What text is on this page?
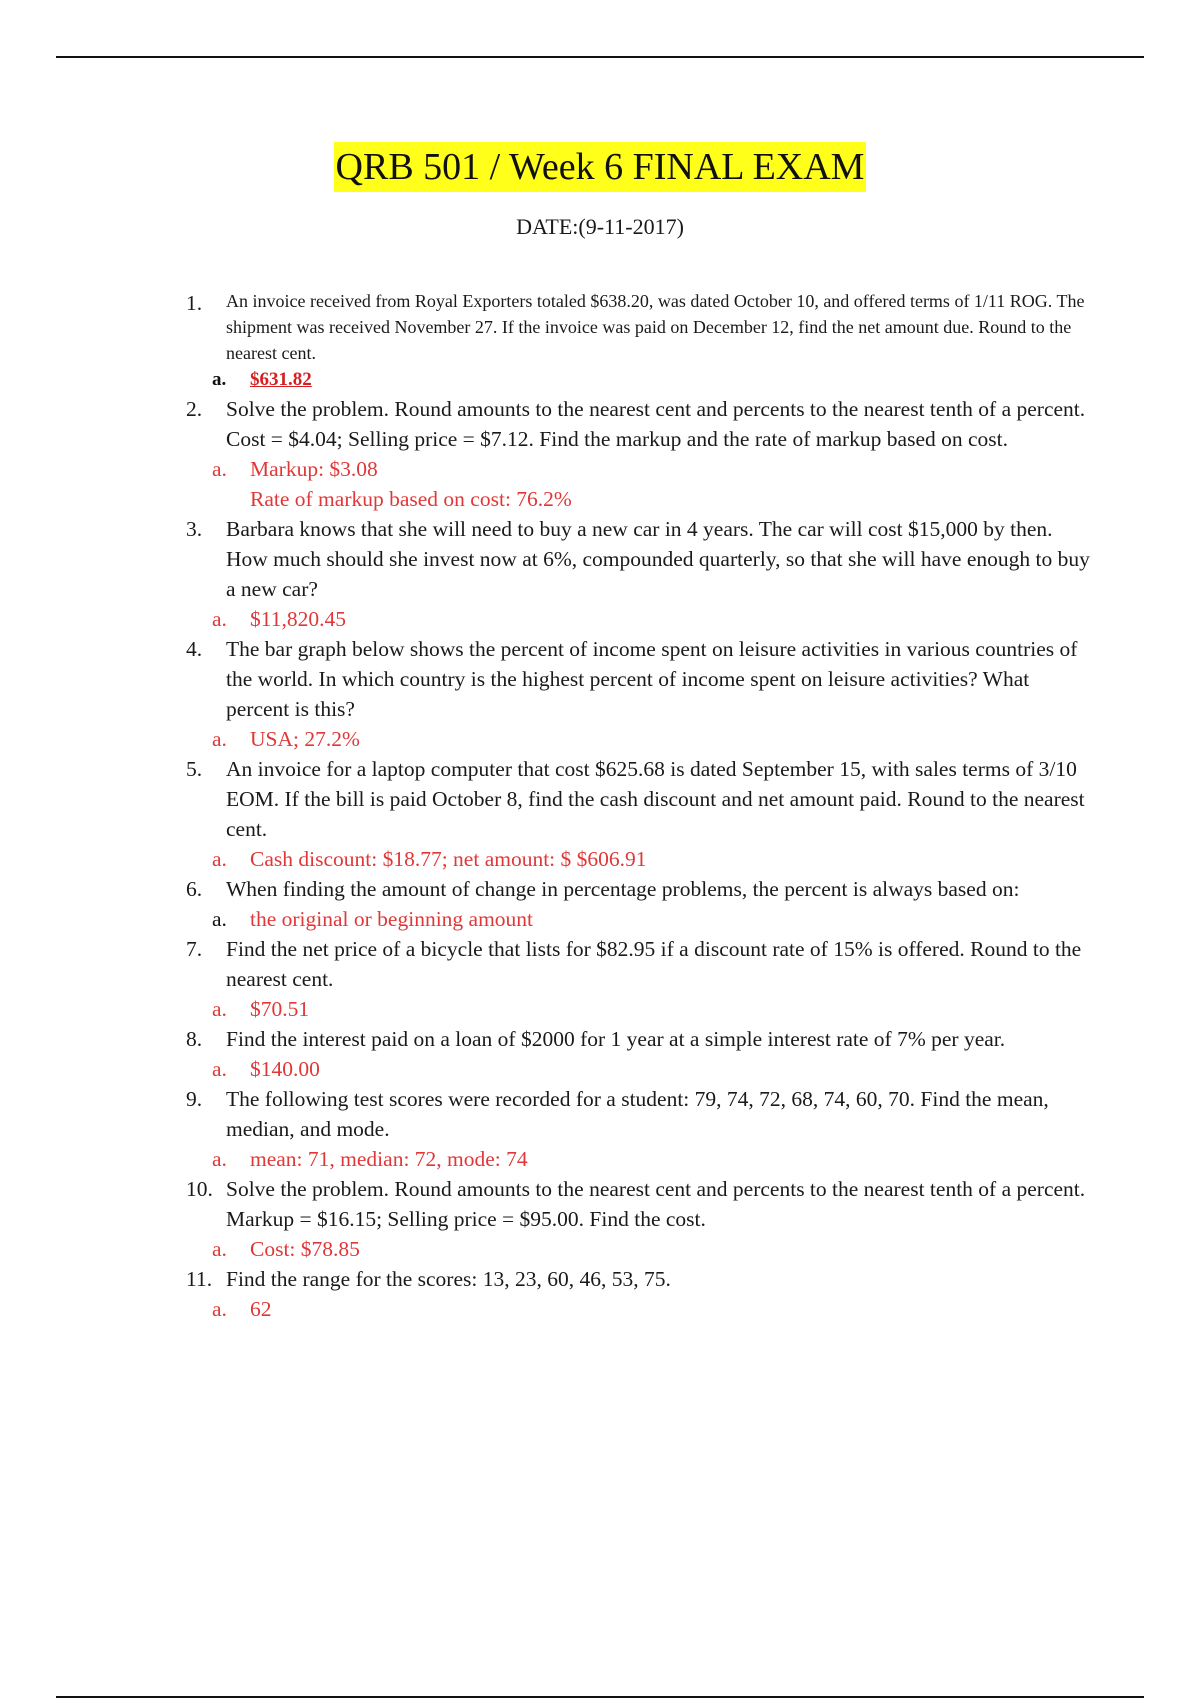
QRB 501 / Week 6 FINAL EXAM
DATE:(9-11-2017)
1. An invoice received from Royal Exporters totaled $638.20, was dated October 10, and offered terms of 1/11 ROG. The shipment was received November 27. If the invoice was paid on December 12, find the net amount due. Round to the nearest cent.
a. $631.82
2. Solve the problem. Round amounts to the nearest cent and percents to the nearest tenth of a percent. Cost = $4.04; Selling price = $7.12. Find the markup and the rate of markup based on cost.
a. Markup: $3.08
Rate of markup based on cost: 76.2%
3. Barbara knows that she will need to buy a new car in 4 years. The car will cost $15,000 by then. How much should she invest now at 6%, compounded quarterly, so that she will have enough to buy a new car?
a. $11,820.45
4. The bar graph below shows the percent of income spent on leisure activities in various countries of the world. In which country is the highest percent of income spent on leisure activities? What percent is this?
a. USA; 27.2%
5. An invoice for a laptop computer that cost $625.68 is dated September 15, with sales terms of 3/10 EOM. If the bill is paid October 8, find the cash discount and net amount paid. Round to the nearest cent.
a. Cash discount: $18.77; net amount: $ $606.91
6. When finding the amount of change in percentage problems, the percent is always based on:
a. the original or beginning amount
7. Find the net price of a bicycle that lists for $82.95 if a discount rate of 15% is offered. Round to the nearest cent.
a. $70.51
8. Find the interest paid on a loan of $2000 for 1 year at a simple interest rate of 7% per year.
a. $140.00
9. The following test scores were recorded for a student: 79, 74, 72, 68, 74, 60, 70. Find the mean, median, and mode.
a. mean: 71, median: 72, mode: 74
10. Solve the problem. Round amounts to the nearest cent and percents to the nearest tenth of a percent. Markup = $16.15; Selling price = $95.00. Find the cost.
a. Cost: $78.85
11. Find the range for the scores: 13, 23, 60, 46, 53, 75.
a. 62
